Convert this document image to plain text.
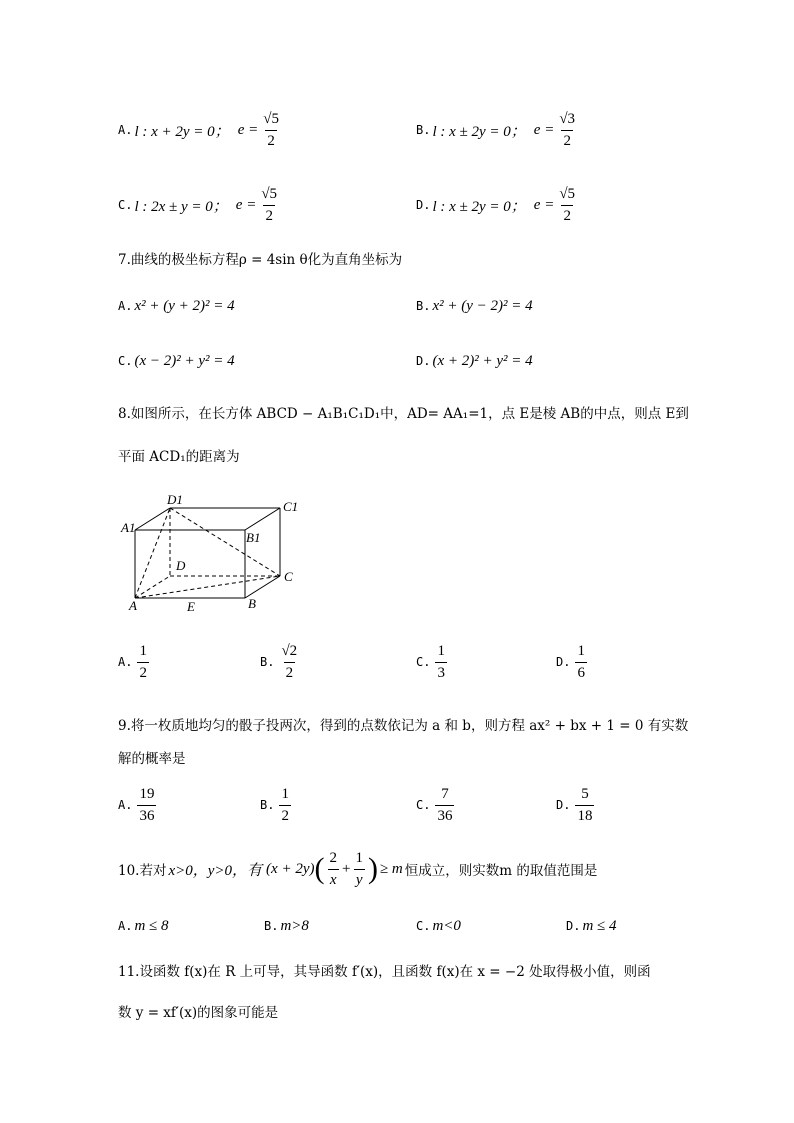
A. l : x + 2y = 0； $e = \frac{√5}{2}$	B. l : x ± 2y = 0； $e = \frac{√3}{2}$
C. l : 2x ± y = 0； $e = \frac{√5}{2}$	D. l : x ± 2y = 0； $e = \frac{√5}{2}$
7.曲线的极坐标方程ρ = 4sin θ化为直角坐标为
A. x² + (y + 2)² = 4	B. x² + (y − 2)² = 4
C. (x − 2)² + y² = 4	D. (x + 2)² + y² = 4
8.如图所示，在长方体 ABCD − A₁B₁C₁D₁中，AD= AA₁=1，点 E是棱 AB的中点，则点 E到
平面 ACD₁的距离为
D1	C1
A1
B1
D
C
A	E	B
A. $\frac{1}{2}$	B. $\frac{√2}{2}$	C. $\frac{1}{3}$	D. $\frac{1}{6}$
9.将一枚质地均匀的骰子投两次，得到的点数依记为 a 和 b，则方程 ax² + bx + 1 = 0 有实数
解的概率是
A. $\frac{19}{36}$	B. $\frac{1}{2}$	C. $\frac{7}{36}$	D. $\frac{5}{18}$
10.若对 x>0，y>0，有 (x + 2y) ( $\frac{2}{x} + \frac{1}{y}$ ) ≥ m 恒成立，则实数m 的取值范围是
A. m ≤ 8	B. m>8	C. m<0	D. m ≤ 4
11.设函数 f(x)在 R 上可导，其导函数 f′(x)，且函数 f(x)在 x = −2 处取得极小值，则函
数 y = xf′(x)的图象可能是
